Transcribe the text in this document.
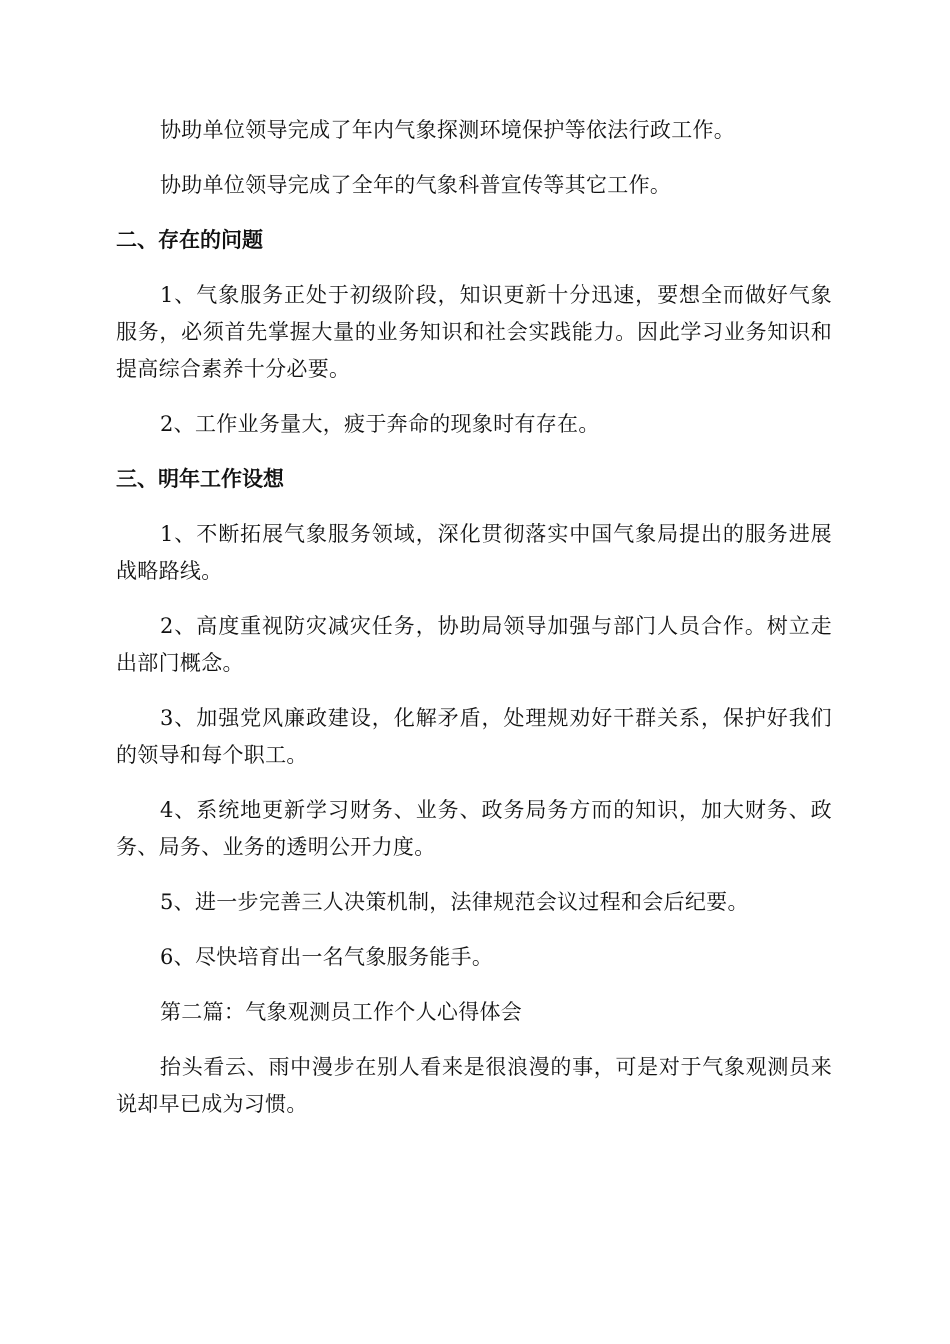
协助单位领导完成了年内气象探测环境保护等依法行政工作。

协助单位领导完成了全年的气象科普宣传等其它工作。

二、存在的问题

1、气象服务正处于初级阶段，知识更新十分迅速，要想全而做好气象服务，必须首先掌握大量的业务知识和社会实践能力。因此学习业务知识和提高综合素养十分必要。

2、工作业务量大，疲于奔命的现象时有存在。

三、明年工作设想

1、不断拓展气象服务领域，深化贯彻落实中国气象局提出的服务进展战略路线。

2、高度重视防灾减灾任务，协助局领导加强与部门人员合作。树立走出部门概念。

3、加强党风廉政建设，化解矛盾，处理规劝好干群关系，保护好我们的领导和每个职工。

4、系统地更新学习财务、业务、政务局务方而的知识，加大财务、政务、局务、业务的透明公开力度。

5、进一步完善三人决策机制，法律规范会议过程和会后纪要。

6、尽快培育出一名气象服务能手。

第二篇：气象观测员工作个人心得体会

抬头看云、雨中漫步在别人看来是很浪漫的事，可是对于气象观测员来说却早已成为习惯。
